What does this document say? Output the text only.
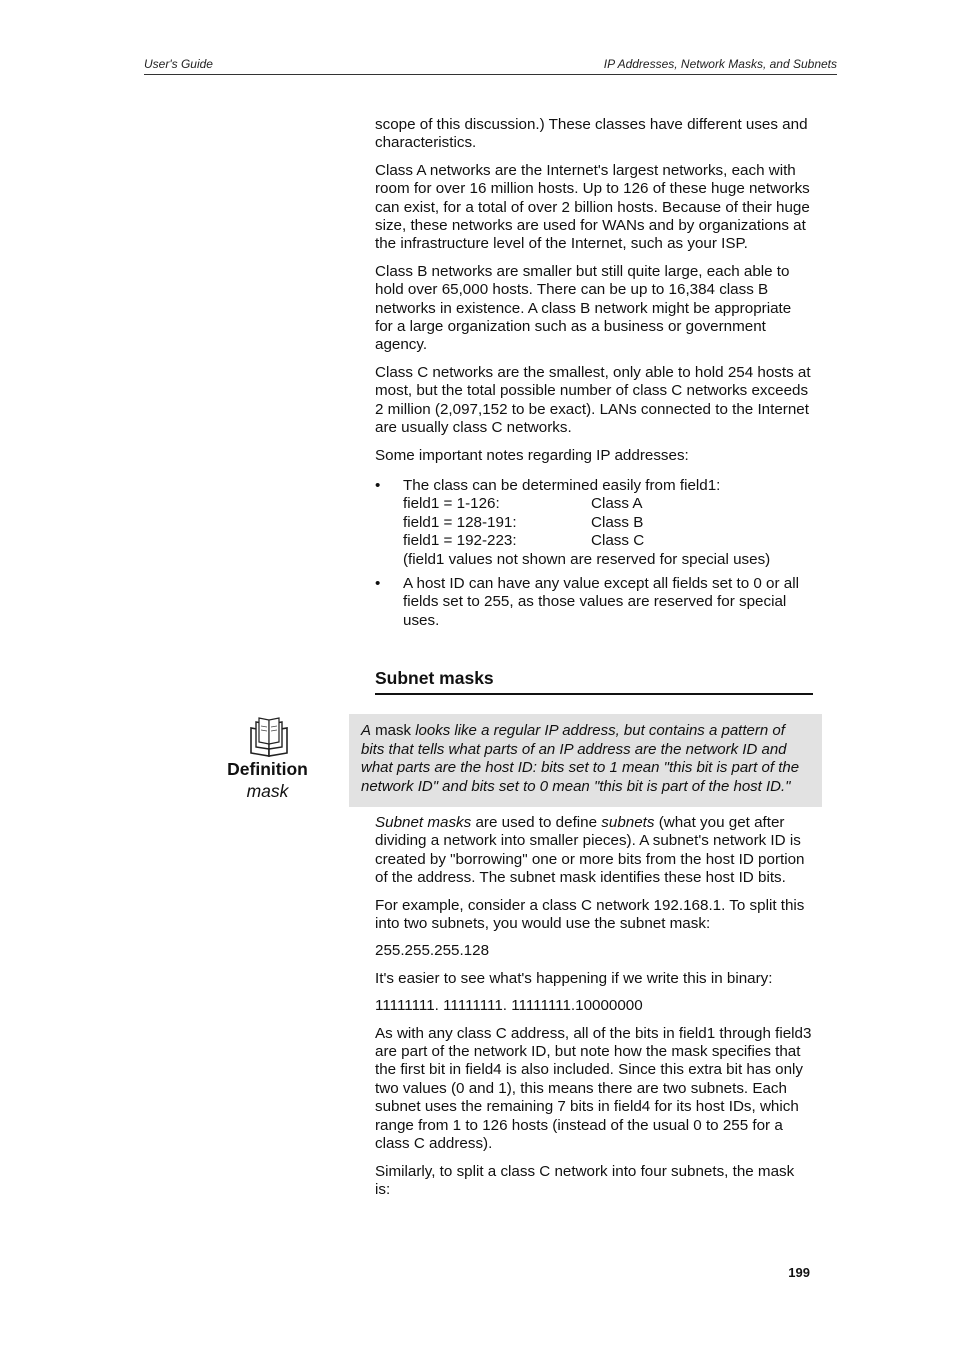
User's Guide	IP Addresses, Network Masks, and Subnets

scope of this discussion.) These classes have different uses and characteristics.

Class A networks are the Internet's largest networks, each with room for over 16 million hosts. Up to 126 of these huge networks can exist, for a total of over 2 billion hosts. Because of their huge size, these networks are used for WANs and by organizations at the infrastructure level of the Internet, such as your ISP.

Class B networks are smaller but still quite large, each able to hold over 65,000 hosts. There can be up to 16,384 class B networks in existence. A class B network might be appropriate for a large organization such as a business or government agency.

Class C networks are the smallest, only able to hold 254 hosts at most, but the total possible number of class C networks exceeds 2 million (2,097,152 to be exact). LANs connected to the Internet are usually class C networks.

Some important notes regarding IP addresses:

• The class can be determined easily from field1:
field1 = 1-126:	Class A
field1 = 128-191:	Class B
field1 = 192-223:	Class C
(field1 values not shown are reserved for special uses)
• A host ID can have any value except all fields set to 0 or all fields set to 255, as those values are reserved for special uses.
Subnet masks
Definition
mask
A mask looks like a regular IP address, but contains a pattern of bits that tells what parts of an IP address are the network ID and what parts are the host ID: bits set to 1 mean "this bit is part of the network ID" and bits set to 0 mean "this bit is part of the host ID."

Subnet masks are used to define subnets (what you get after dividing a network into smaller pieces). A subnet's network ID is created by "borrowing" one or more bits from the host ID portion of the address. The subnet mask identifies these host ID bits.

For example, consider a class C network 192.168.1. To split this into two subnets, you would use the subnet mask:

255.255.255.128

It's easier to see what's happening if we write this in binary:

11111111. 11111111. 11111111.10000000

As with any class C address, all of the bits in field1 through field3 are part of the network ID, but note how the mask specifies that the first bit in field4 is also included. Since this extra bit has only two values (0 and 1), this means there are two subnets. Each subnet uses the remaining 7 bits in field4 for its host IDs, which range from 1 to 126 hosts (instead of the usual 0 to 255 for a class C address).

Similarly, to split a class C network into four subnets, the mask is:

199
